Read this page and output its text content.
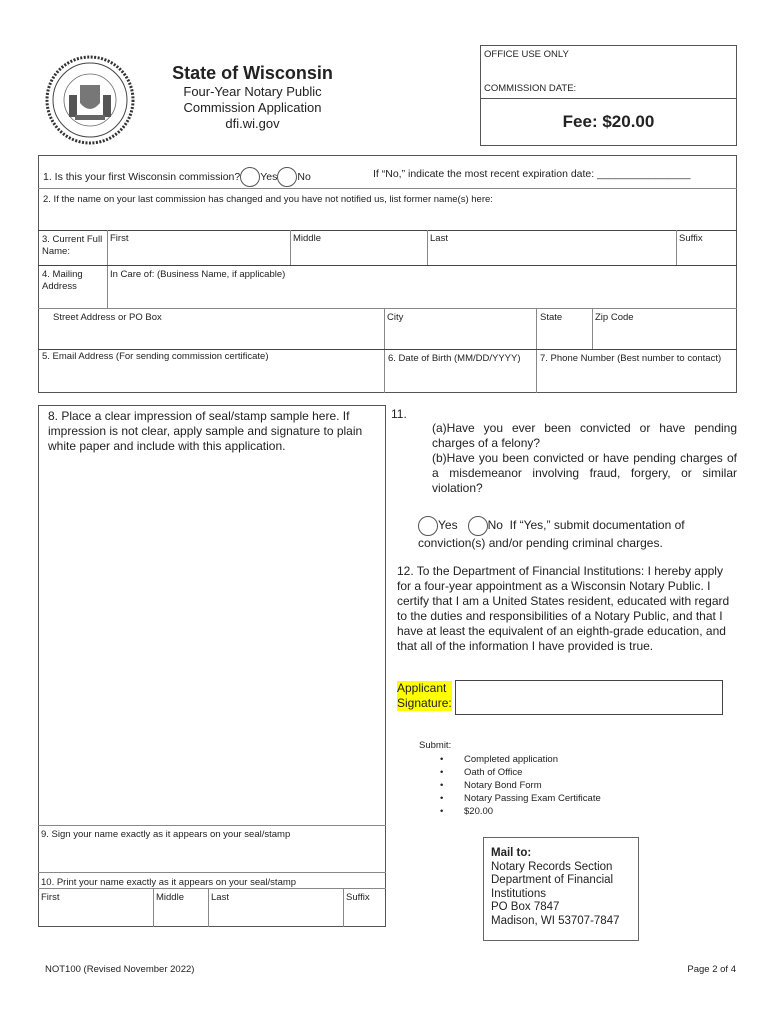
State of Wisconsin
Four-Year Notary Public
Commission Application
dfi.wi.gov
OFFICE USE ONLY
COMMISSION DATE:
Fee: $20.00
1. Is this your first Wisconsin commission? Yes No	If “No,” indicate the most recent expiration date: ________________
2. If the name on your last commission has changed and you have not notified us, list former name(s) here:
3. Current Full Name:
First	Middle	Last	Suffix
4. Mailing Address
In Care of: (Business Name, if applicable)
Street Address or PO Box	City	State	Zip Code
5. Email Address (For sending commission certificate)	6. Date of Birth (MM/DD/YYYY) 7. Phone Number (Best number to contact)
8. Place a clear impression of seal/stamp sample here. If impression is not clear, apply sample and signature to plain white paper and include with this application.
9. Sign your name exactly as it appears on your seal/stamp
10. Print your name exactly as it appears on your seal/stamp
First	Middle	Last	Suffix
11.
(a)Have you ever been convicted or have pending charges of a felony?
(b)Have you been convicted or have pending charges of a misdemeanor involving fraud, forgery, or similar violation?
Yes	No If “Yes,” submit documentation of conviction(s) and/or pending criminal charges.
12. To the Department of Financial Institutions: I hereby apply for a four-year appointment as a Wisconsin Notary Public. I certify that I am a United States resident, educated with regard to the duties and responsibilities of a Notary Public, and that I have at least the equivalent of an eighth-grade education, and that all of the information I have provided is true.
Applicant
Signature:
Submit:
• Completed application
• Oath of Office
• Notary Bond Form
• Notary Passing Exam Certificate
• $20.00
Mail to:
Notary Records Section
Department of Financial
Institutions
PO Box 7847
Madison, WI 53707-7847
NOT100 (Revised November 2022)	Page 2 of 4
